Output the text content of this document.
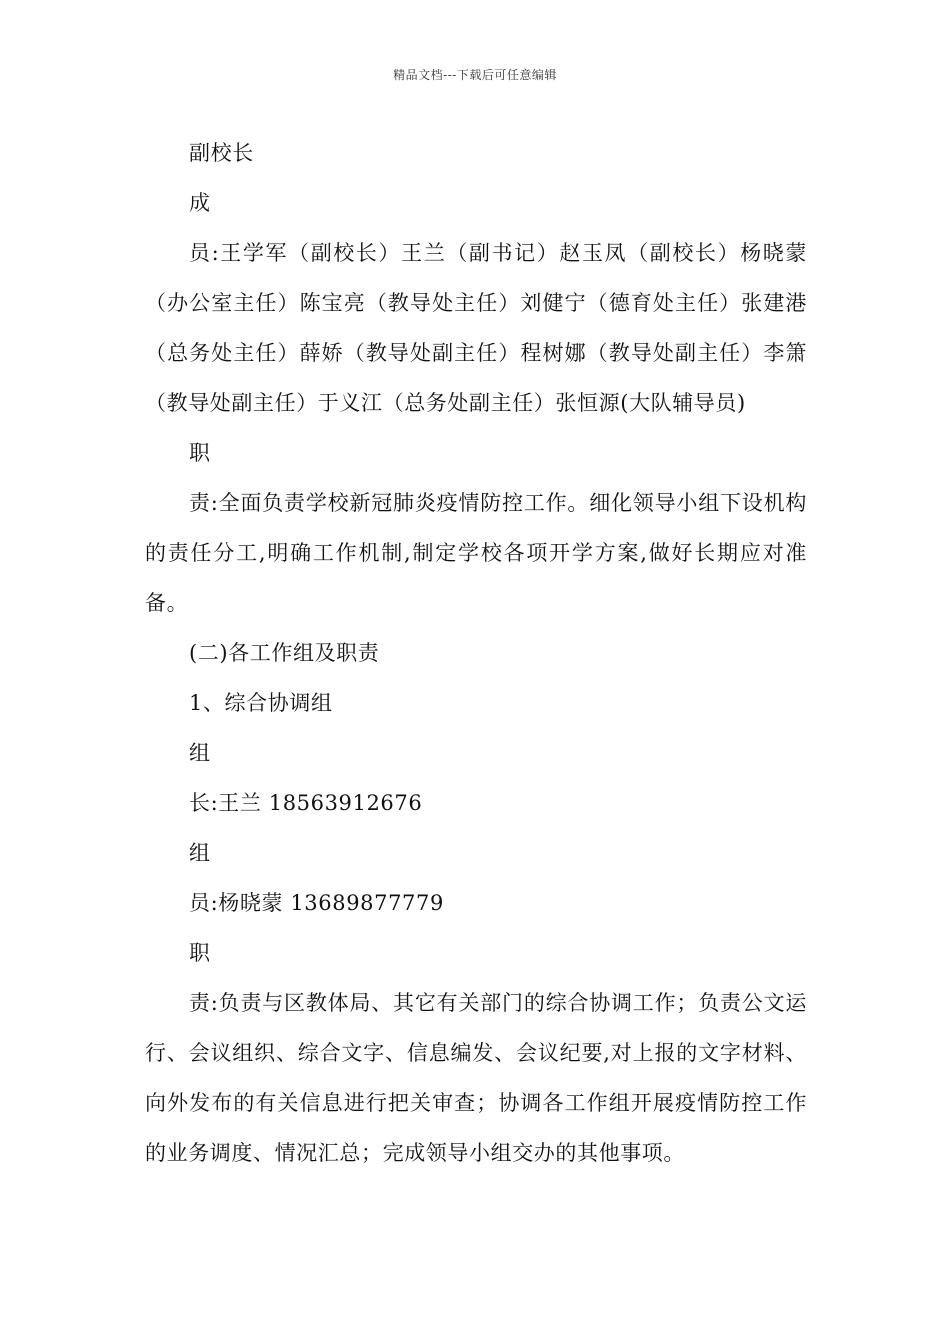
精品文档---下载后可任意编辑

副校长

成

员:王学军（副校长）王兰（副书记）赵玉凤（副校长）杨晓蒙（办公室主任）陈宝亮（教导处主任）刘健宁（德育处主任）张建港（总务处主任）薛娇（教导处副主任）程树娜（教导处副主任）李箫（教导处副主任）于义江（总务处副主任）张恒源(大队辅导员)

职

责:全面负责学校新冠肺炎疫情防控工作。细化领导小组下设机构的责任分工,明确工作机制,制定学校各项开学方案,做好长期应对准备。

(二)各工作组及职责

1、综合协调组

组

长:王兰 18563912676

组

员:杨晓蒙 13689877779

职

责:负责与区教体局、其它有关部门的综合协调工作；负责公文运行、会议组织、综合文字、信息编发、会议纪要,对上报的文字材料、向外发布的有关信息进行把关审查；协调各工作组开展疫情防控工作的业务调度、情况汇总；完成领导小组交办的其他事项。
